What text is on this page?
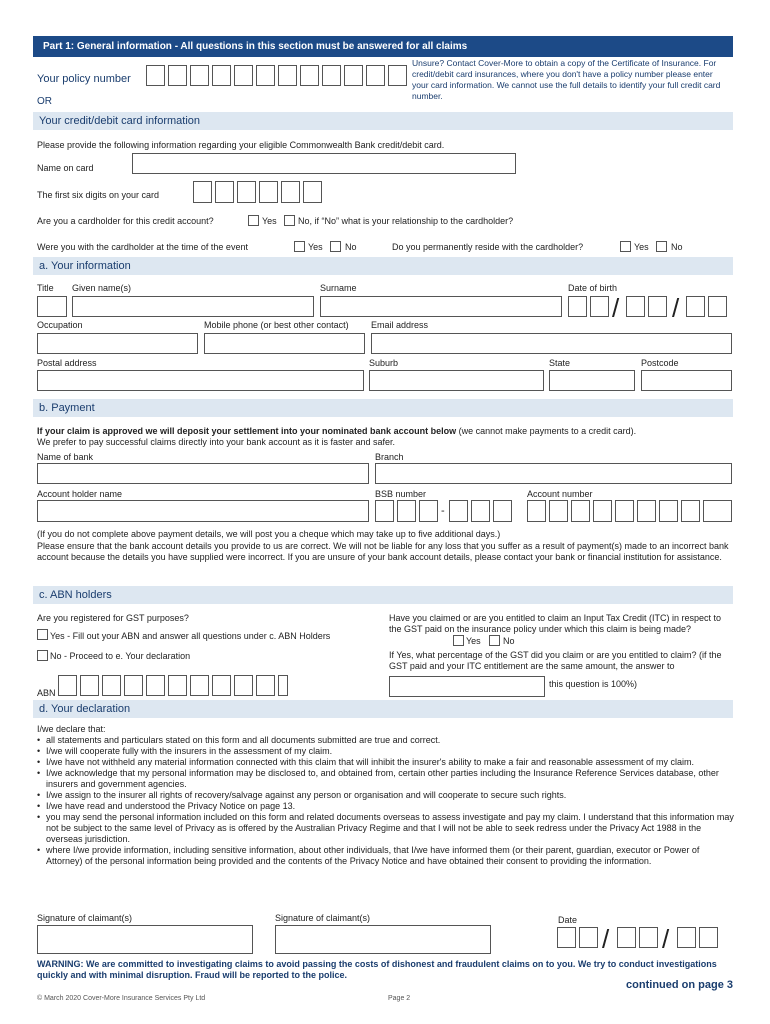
Part 1: General information - All questions in this section must be answered for all claims
Your policy number
Unsure? Contact Cover-More to obtain a copy of the Certificate of Insurance. For credit/debit card insurances, where you don't have a policy number please enter your card information. We cannot use the full details to identify your full credit card number.
OR
Your credit/debit card information
Please provide the following information regarding your eligible Commonwealth Bank credit/debit card.
Name on card
The first six digits on your card
Are you a cardholder for this credit account?	Yes No, if “No” what is your relationship to the cardholder?
Were you with the cardholder at the time of the event	Yes No	Do you permanently reside with the cardholder?	Yes No
a. Your information
Title Given name(s)	Surname	Date of birth
/ /
Occupation	Mobile phone (or best other contact) Email address
Postal address	Suburb	State	Postcode
b. Payment
If your claim is approved we will deposit your settlement into your nominated bank account below (we cannot make payments to a credit card).
We prefer to pay successful claims directly into your bank account as it is faster and safer.
Name of bank	Branch
Account holder name	BSB number	Account number
-
(If you do not complete above payment details, we will post you a cheque which may take up to five additional days.)
Please ensure that the bank account details you provide to us are correct. We will not be liable for any loss that you suffer as a result of payment(s) made to an incorrect bank account because the details you have supplied were incorrect. If you are unsure of your bank account details, please contact your bank or financial institution for assistance.
c. ABN holders
Are you registered for GST purposes?
Yes - Fill out your ABN and answer all questions under c. ABN Holders
No - Proceed to e. Your declaration
ABN
Have you claimed or are you entitled to claim an Input Tax Credit (ITC) in respect to the GST paid on the insurance policy under which this claim is being made?
Yes No
If Yes, what percentage of the GST did you claim or are you entitled to claim? (if the GST paid and your ITC entitlement are the same amount, the answer to
this question is 100%)
d. Your declaration
I/we declare that:
• all statements and particulars stated on this form and all documents submitted are true and correct.
• I/we will cooperate fully with the insurers in the assessment of my claim.
• I/we have not withheld any material information connected with this claim that will inhibit the insurer's ability to make a fair and reasonable assessment of my claim.
• I/we acknowledge that my personal information may be disclosed to, and obtained from, certain other parties including the Insurance Reference Services database, other insurers and government agencies.
• I/we assign to the insurer all rights of recovery/salvage against any person or organisation and will cooperate to secure such rights.
• I/we have read and understood the Privacy Notice on page 13.
• you may send the personal information included on this form and related documents overseas to assess investigate and pay my claim. I understand that this information may not be subject to the same level of Privacy as is offered by the Australian Privacy Regime and that I will not be able to seek redress under the Privacy Act 1988 in the overseas jurisdiction.
• where I/we provide information, including sensitive information, about other individuals, that I/we have informed them (or their parent, guardian, executor or Power of Attorney) of the personal information being provided and the contents of the Privacy Notice and have obtained their consent to providing the information.
Signature of claimant(s)	Signature of claimant(s)	Date
/ /
WARNING: We are committed to investigating claims to avoid passing the costs of dishonest and fraudulent claims on to you. We try to conduct investigations quickly and with minimal disruption. Fraud will be reported to the police.
continued on page 3
© March 2020 Cover-More Insurance Services Pty Ltd	Page 2
